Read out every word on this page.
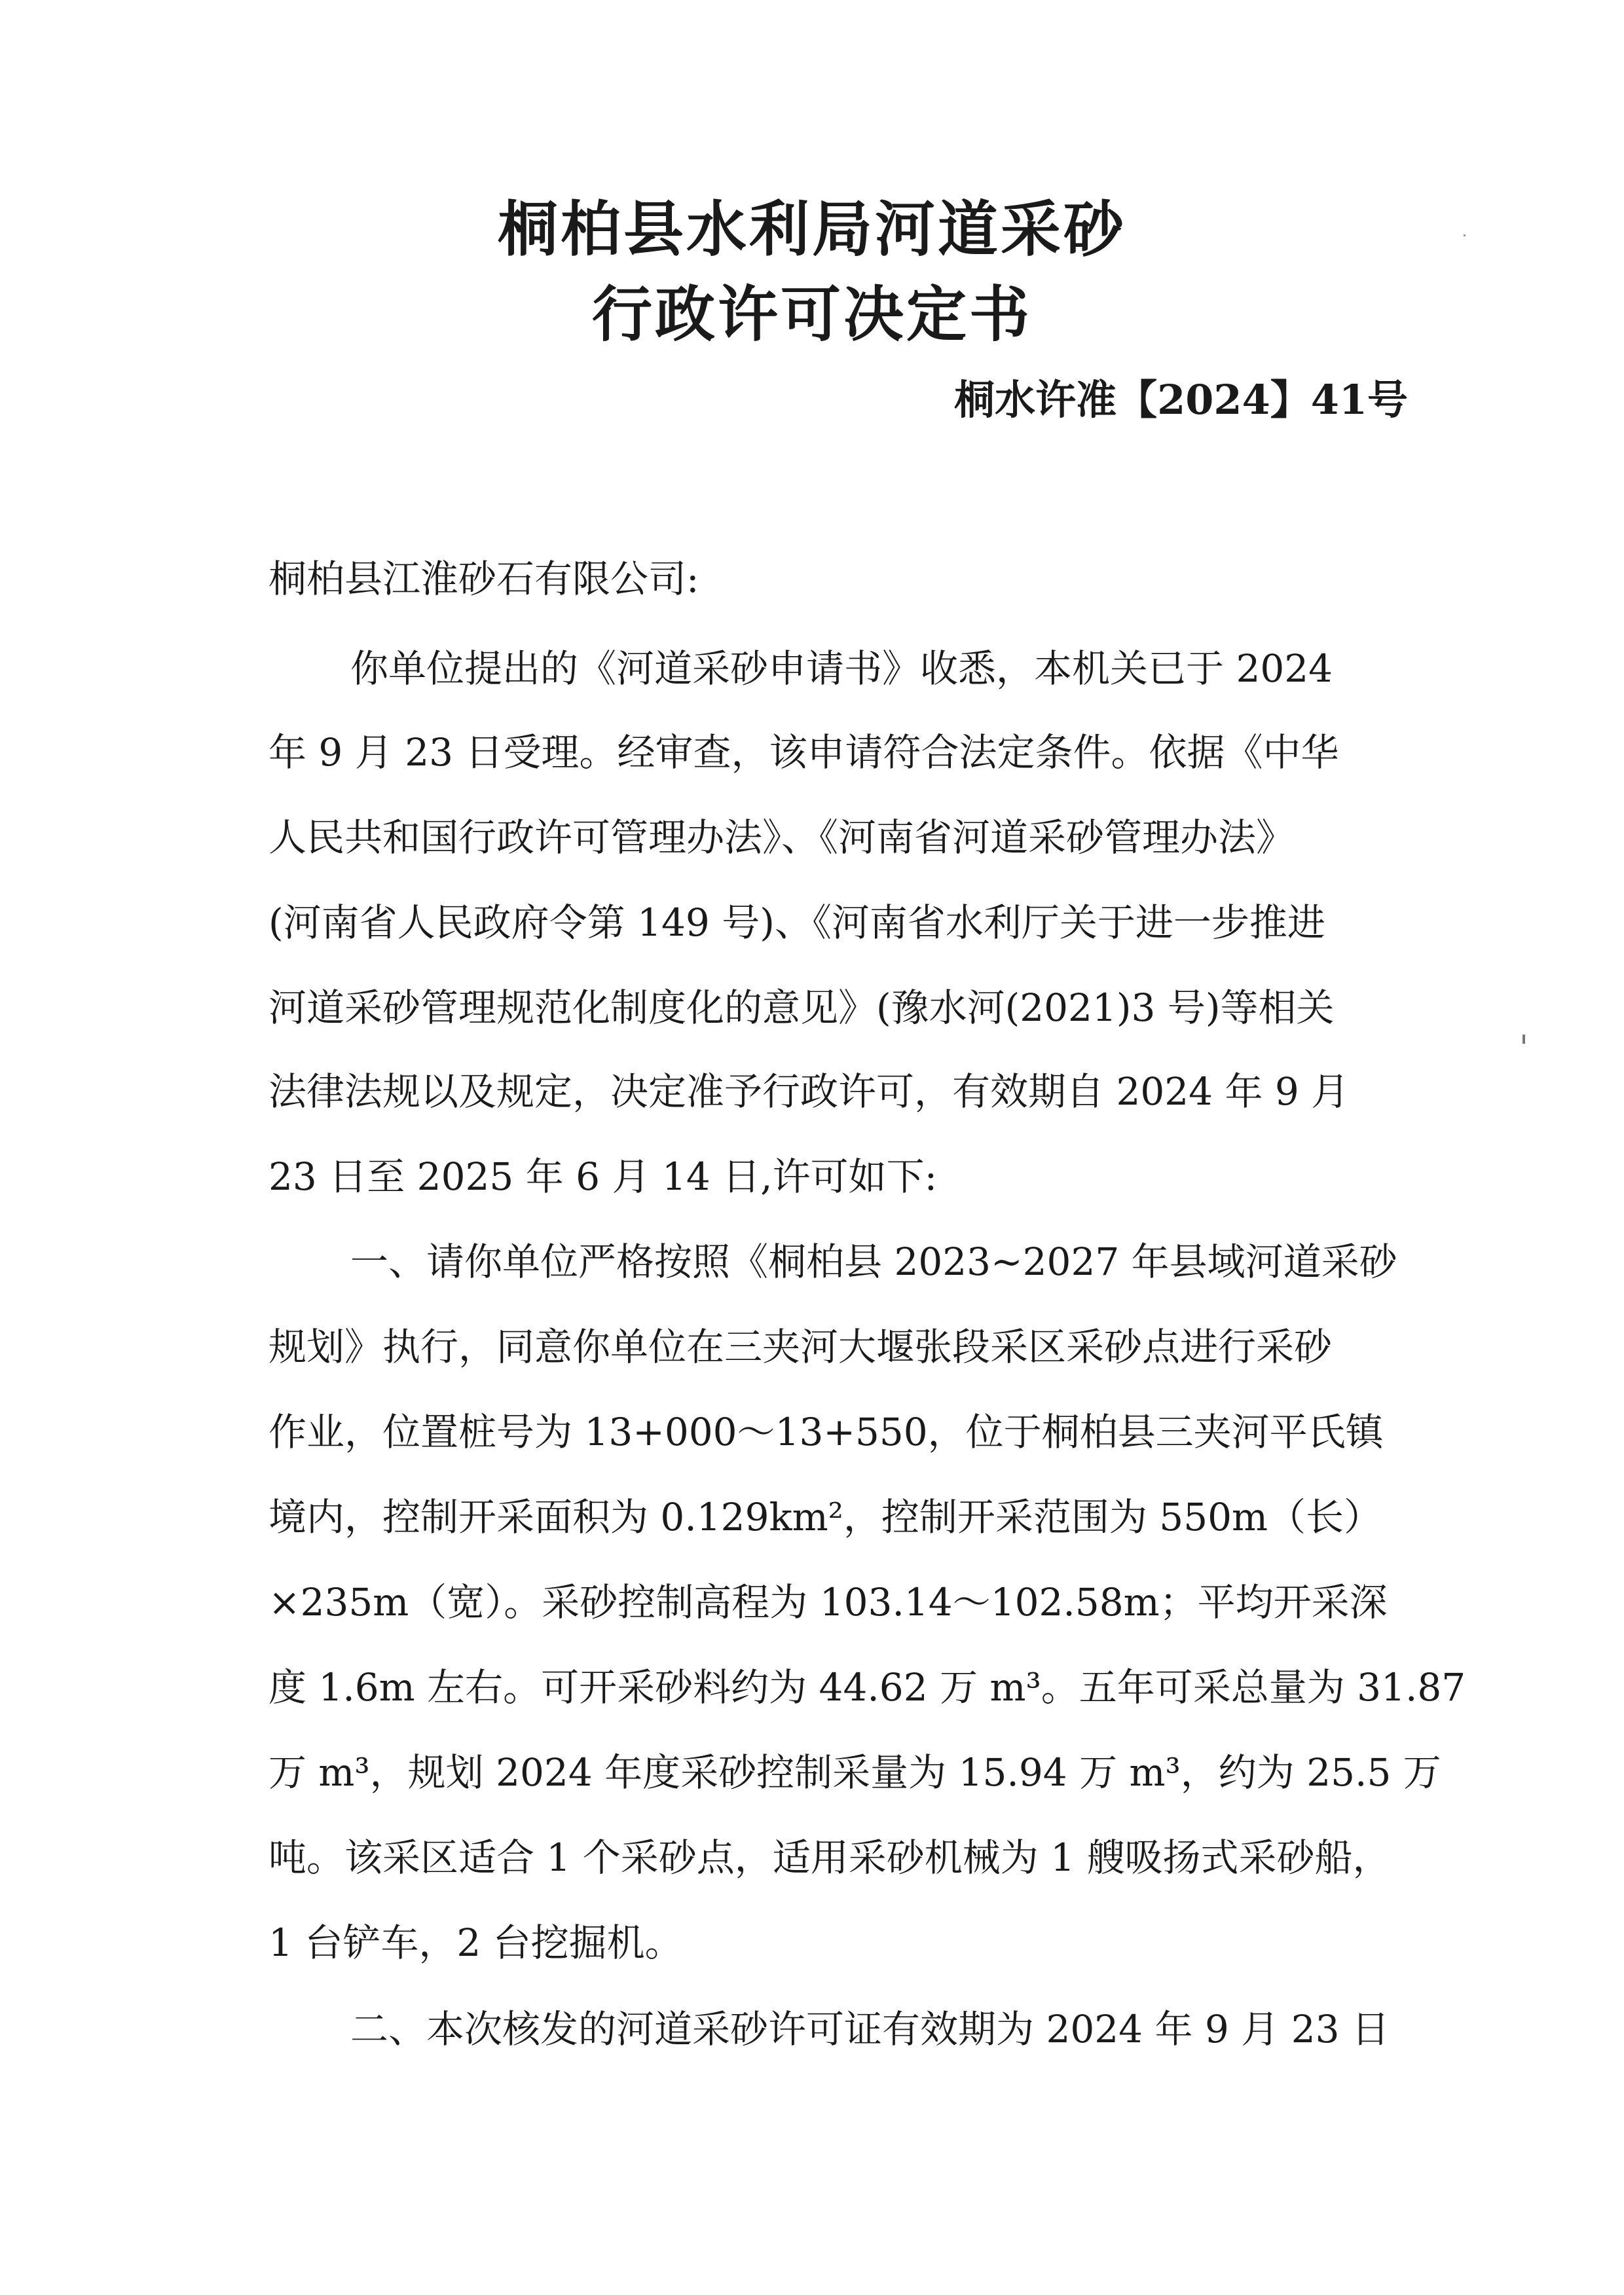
桐柏县水利局河道采砂
行政许可决定书
桐水许准【2024】41号
桐柏县江淮砂石有限公司:
你单位提出的《河道采砂申请书》收悉，本机关已于 2024
年 9 月 23 日受理。经审查，该申请符合法定条件。依据《中华
人民共和国行政许可管理办法》、《河南省河道采砂管理办法》
(河南省人民政府令第 149 号)、《河南省水利厅关于进一步推进
河道采砂管理规范化制度化的意见》(豫水河(2021)3 号)等相关
法律法规以及规定，决定准予行政许可，有效期自 2024 年 9 月
23 日至 2025 年 6 月 14 日,许可如下:
一、请你单位严格按照《桐柏县 2023~2027 年县域河道采砂
规划》执行，同意你单位在三夹河大堰张段采区采砂点进行采砂
作业，位置桩号为 13+000～13+550，位于桐柏县三夹河平氏镇
境内，控制开采面积为 0.129km²，控制开采范围为 550m（长）
×235m（宽）。采砂控制高程为 103.14～102.58m；平均开采深
度 1.6m 左右。可开采砂料约为 44.62 万 m³。五年可采总量为 31.87
万 m³，规划 2024 年度采砂控制采量为 15.94 万 m³，约为 25.5 万
吨。该采区适合 1 个采砂点，适用采砂机械为 1 艘吸扬式采砂船，
1 台铲车，2 台挖掘机。
二、本次核发的河道采砂许可证有效期为 2024 年 9 月 23 日
